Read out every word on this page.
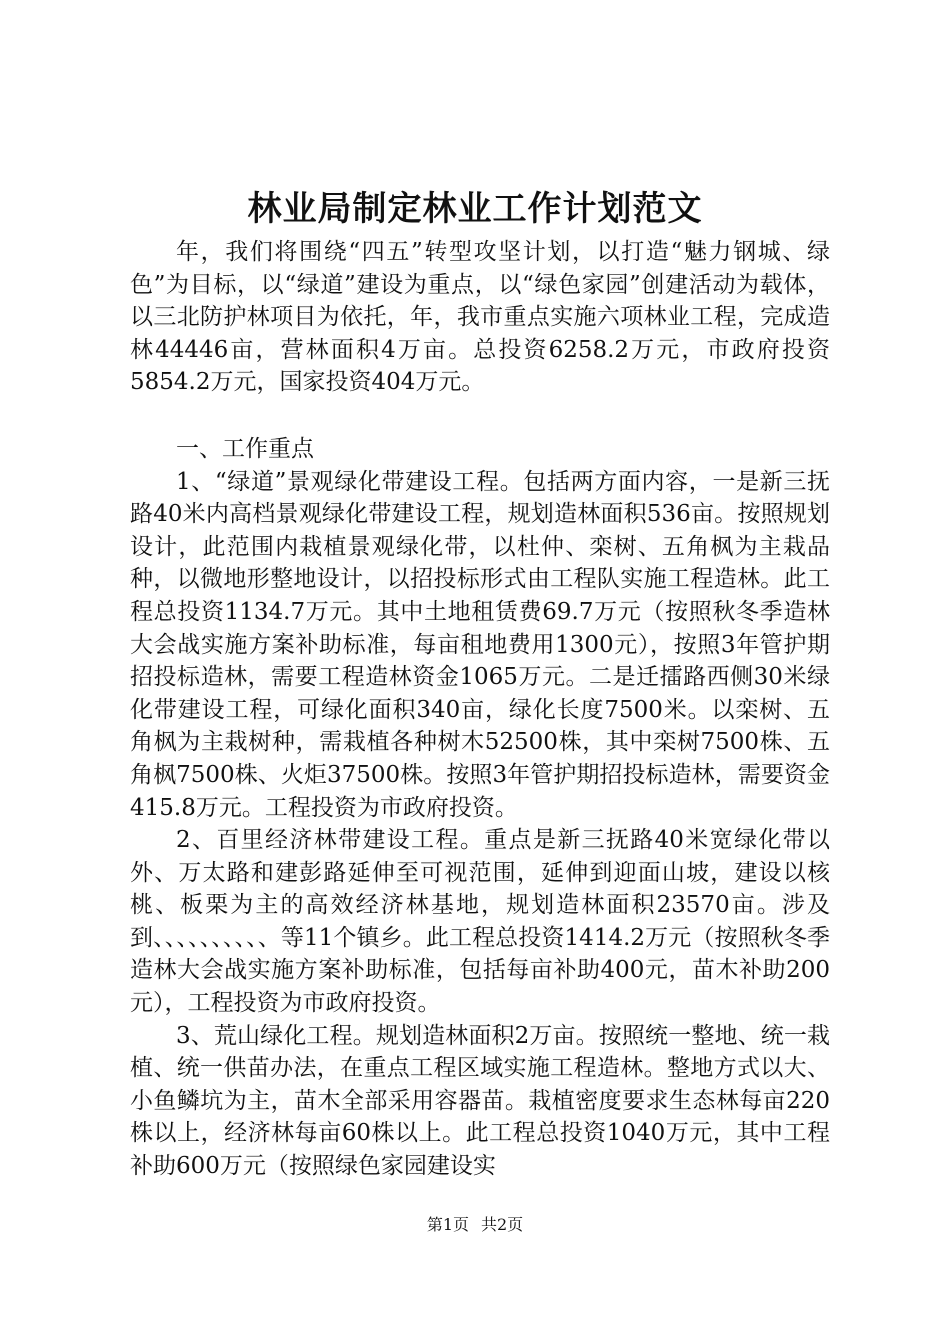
林业局制定林业工作计划范文

年，我们将围绕“四五”转型攻坚计划，以打造“魅力钢城、绿色”为目标，以“绿道”建设为重点，以“绿色家园”创建活动为载体，以三北防护林项目为依托，年，我市重点实施六项林业工程，完成造林44446亩，营林面积4万亩。总投资6258.2万元，市政府投资5854.2万元，国家投资404万元。

一、工作重点

1、“绿道”景观绿化带建设工程。包括两方面内容，一是新三抚路40米内高档景观绿化带建设工程，规划造林面积536亩。按照规划设计，此范围内栽植景观绿化带，以杜仲、栾树、五角枫为主栽品种，以微地形整地设计，以招投标形式由工程队实施工程造林。此工程总投资1134.7万元。其中土地租赁费69.7万元（按照秋冬季造林大会战实施方案补助标准，每亩租地费用1300元），按照3年管护期招投标造林，需要工程造林资金1065万元。二是迁擂路西侧30米绿化带建设工程，可绿化面积340亩，绿化长度7500米。以栾树、五角枫为主栽树种，需栽植各种树木52500株，其中栾树7500株、五角枫7500株、火炬37500株。按照3年管护期招投标造林，需要资金415.8万元。工程投资为市政府投资。

2、百里经济林带建设工程。重点是新三抚路40米宽绿化带以外、万太路和建彭路延伸至可视范围，延伸到迎面山坡，建设以核桃、板栗为主的高效经济林基地，规划造林面积23570亩。涉及到、、、、、、、、、、等11个镇乡。此工程总投资1414.2万元（按照秋冬季造林大会战实施方案补助标准，包括每亩补助400元，苗木补助200元），工程投资为市政府投资。

3、荒山绿化工程。规划造林面积2万亩。按照统一整地、统一栽植、统一供苗办法，在重点工程区域实施工程造林。整地方式以大、小鱼鳞坑为主，苗木全部采用容器苗。栽植密度要求生态林每亩220株以上，经济林每亩60株以上。此工程总投资1040万元，其中工程补助600万元（按照绿色家园建设实

第1页 共2页
